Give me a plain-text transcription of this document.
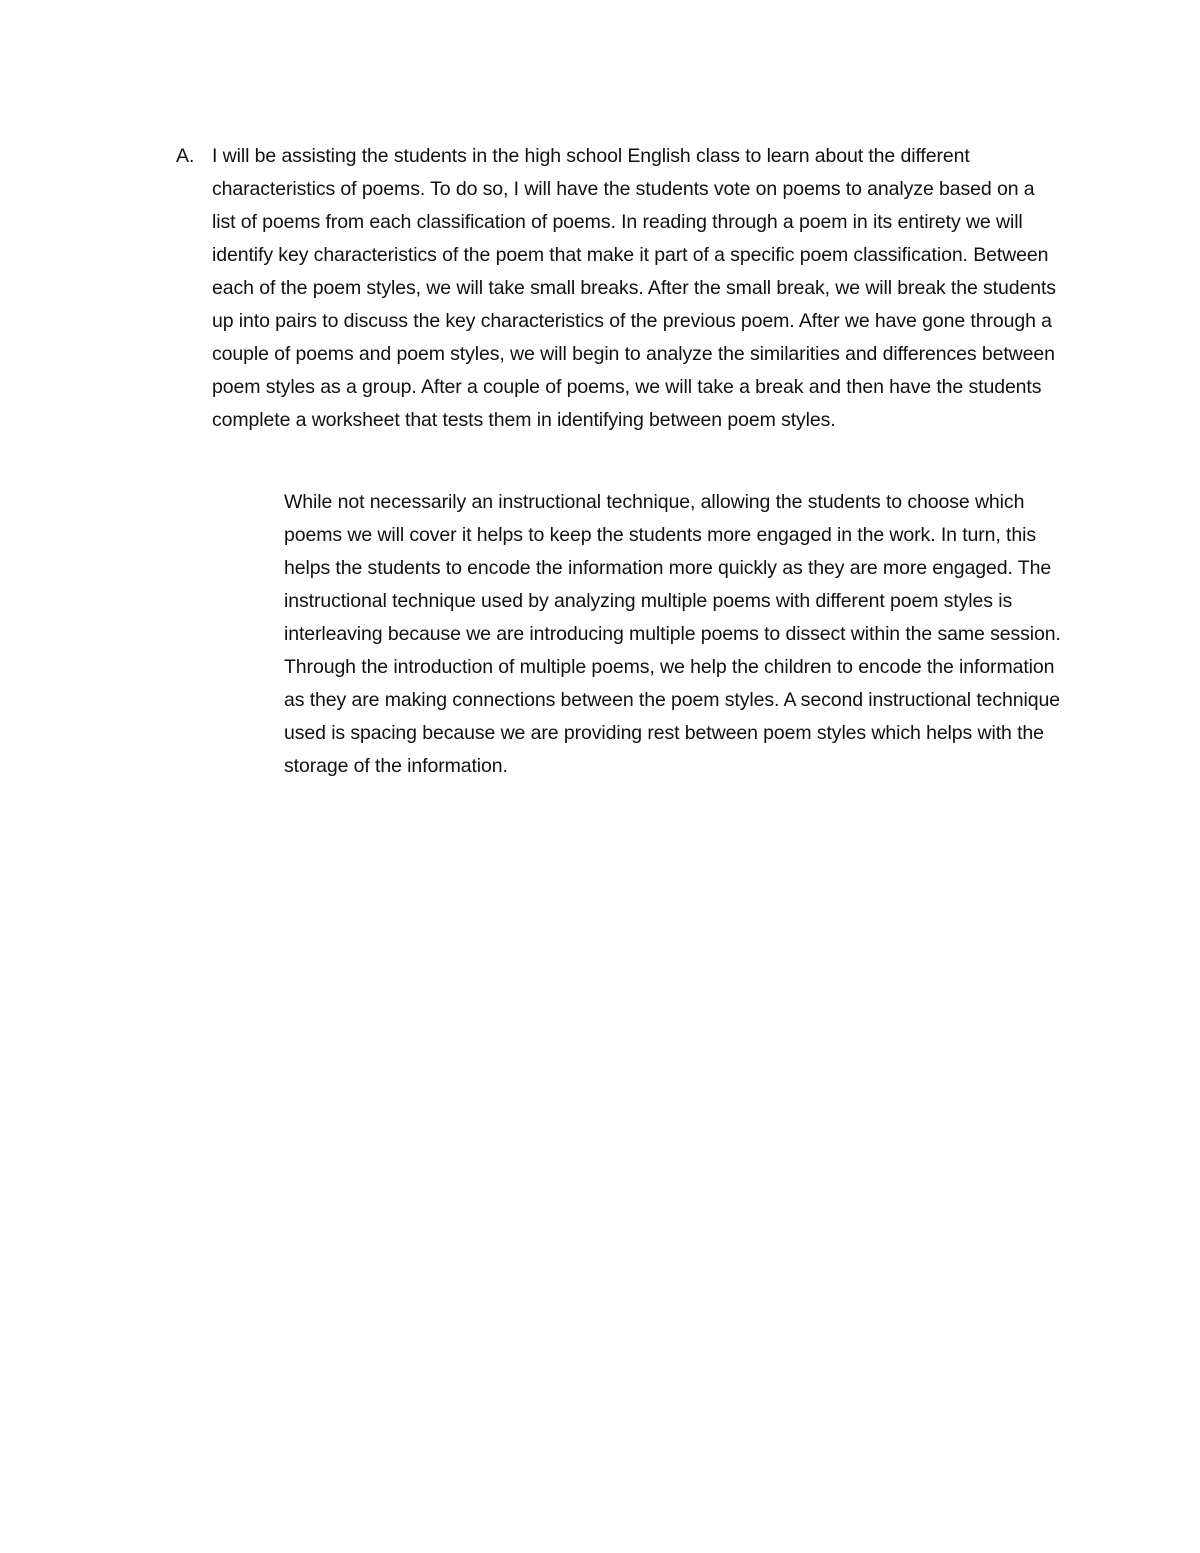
A. I will be assisting the students in the high school English class to learn about the different characteristics of poems. To do so, I will have the students vote on poems to analyze based on a list of poems from each classification of poems. In reading through a poem in its entirety we will identify key characteristics of the poem that make it part of a specific poem classification. Between each of the poem styles, we will take small breaks. After the small break, we will break the students up into pairs to discuss the key characteristics of the previous poem. After we have gone through a couple of poems and poem styles, we will begin to analyze the similarities and differences between poem styles as a group. After a couple of poems, we will take a break and then have the students complete a worksheet that tests them in identifying between poem styles.

While not necessarily an instructional technique, allowing the students to choose which poems we will cover it helps to keep the students more engaged in the work. In turn, this helps the students to encode the information more quickly as they are more engaged. The instructional technique used by analyzing multiple poems with different poem styles is interleaving because we are introducing multiple poems to dissect within the same session. Through the introduction of multiple poems, we help the children to encode the information as they are making connections between the poem styles. A second instructional technique used is spacing because we are providing rest between poem styles which helps with the storage of the information.
